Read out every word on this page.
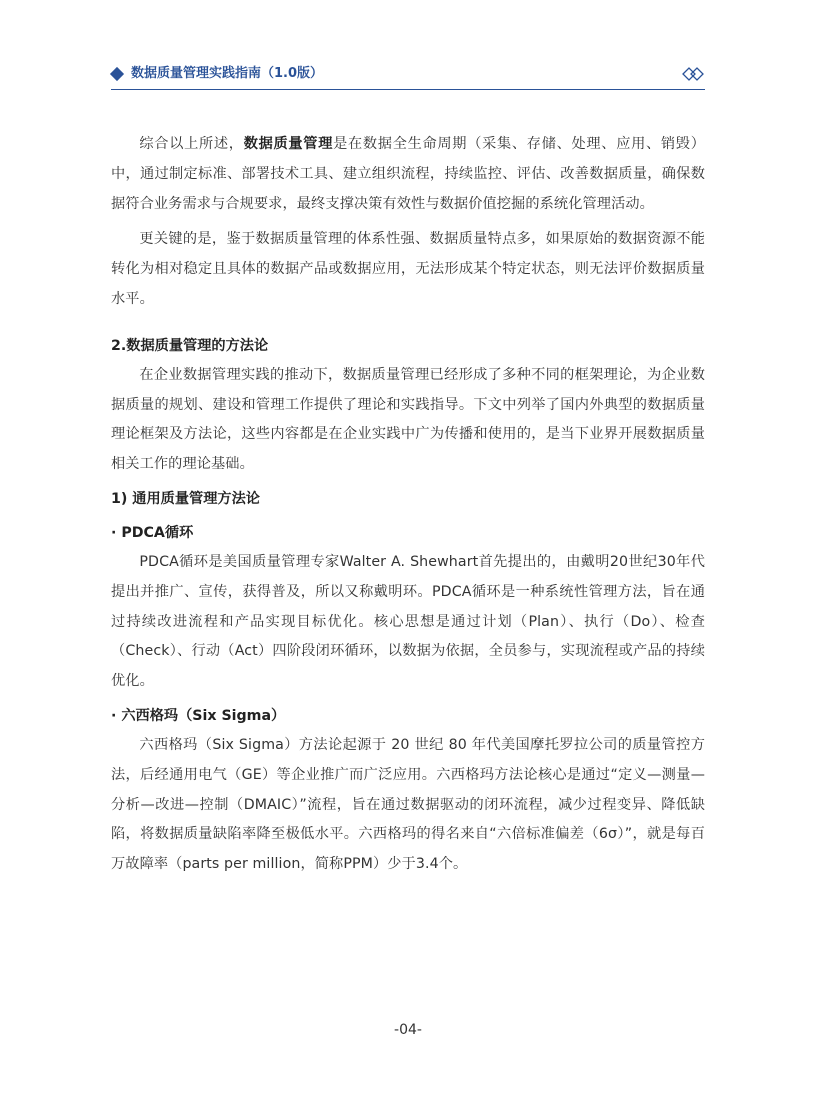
数据质量管理实践指南（1.0版）

综合以上所述，数据质量管理是在数据全生命周期（采集、存储、处理、应用、销毁）中，通过制定标准、部署技术工具、建立组织流程，持续监控、评估、改善数据质量，确保数据符合业务需求与合规要求，最终支撑决策有效性与数据价值挖掘的系统化管理活动。

更关键的是，鉴于数据质量管理的体系性强、数据质量特点多，如果原始的数据资源不能转化为相对稳定且具体的数据产品或数据应用，无法形成某个特定状态，则无法评价数据质量水平。

2.数据质量管理的方法论

在企业数据管理实践的推动下，数据质量管理已经形成了多种不同的框架理论，为企业数据质量的规划、建设和管理工作提供了理论和实践指导。下文中列举了国内外典型的数据质量理论框架及方法论，这些内容都是在企业实践中广为传播和使用的，是当下业界开展数据质量相关工作的理论基础。

1) 通用质量管理方法论
· PDCA循环

PDCA循环是美国质量管理专家Walter A. Shewhart首先提出的，由戴明20世纪30年代提出并推广、宣传，获得普及，所以又称戴明环。PDCA循环是一种系统性管理方法，旨在通过持续改进流程和产品实现目标优化。核心思想是通过计划（Plan）、执行（Do）、检查（Check）、行动（Act）四阶段闭环循环，以数据为依据，全员参与，实现流程或产品的持续优化。

· 六西格玛（Six Sigma）

六西格玛（Six Sigma）方法论起源于 20 世纪 80 年代美国摩托罗拉公司的质量管控方法，后经通用电气（GE）等企业推广而广泛应用。六西格玛方法论核心是通过“定义—测量—分析—改进—控制（DMAIC）”流程，旨在通过数据驱动的闭环流程，减少过程变异、降低缺陷，将数据质量缺陷率降至极低水平。六西格玛的得名来自“六倍标准偏差（6σ）”，就是每百万故障率（parts per million，简称PPM）少于3.4个。

-04-
